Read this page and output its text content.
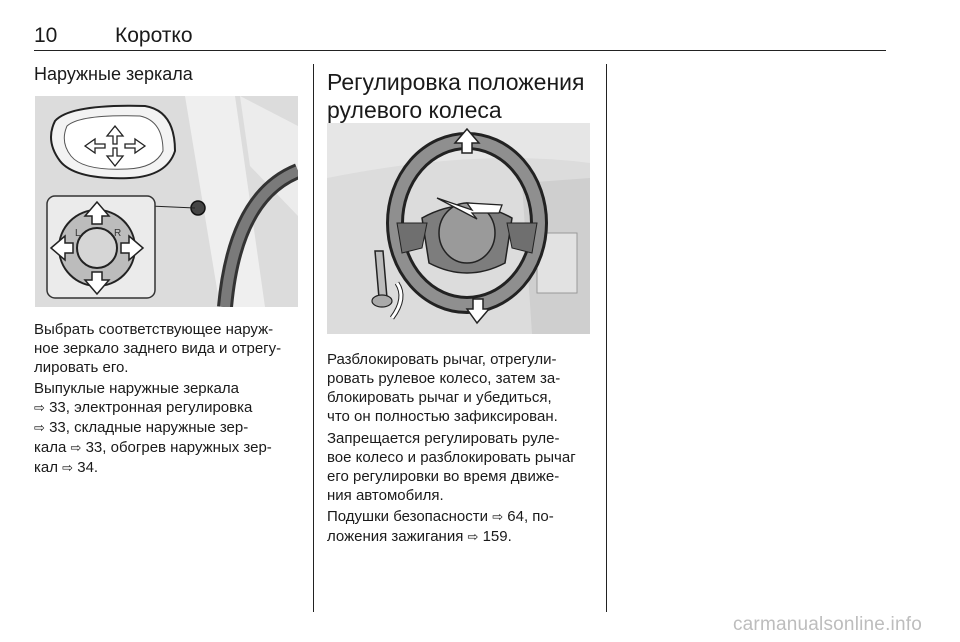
10	Коротко
Наружные зеркала
L	R

Выбрать соответствующее наруж-
ное зеркало заднего вида и отрегу-
лировать его.

Выпуклые наружные зеркала
⇨ 33, электронная регулировка
⇨ 33, складные наружные зер-
кала ⇨ 33, обогрев наружных зер-
кал ⇨ 34.

Регулировка положения
рулевого колеса

Разблокировать рычаг, отрегули-
ровать рулевое колесо, затем за-
блокировать рычаг и убедиться,
что он полностью зафиксирован.

Запрещается регулировать руле-
вое колесо и разблокировать рычаг
его регулировки во время движе-
ния автомобиля.

Подушки безопасности ⇨ 64, по-
ложения зажигания ⇨ 159.

carmanualsonline.info
